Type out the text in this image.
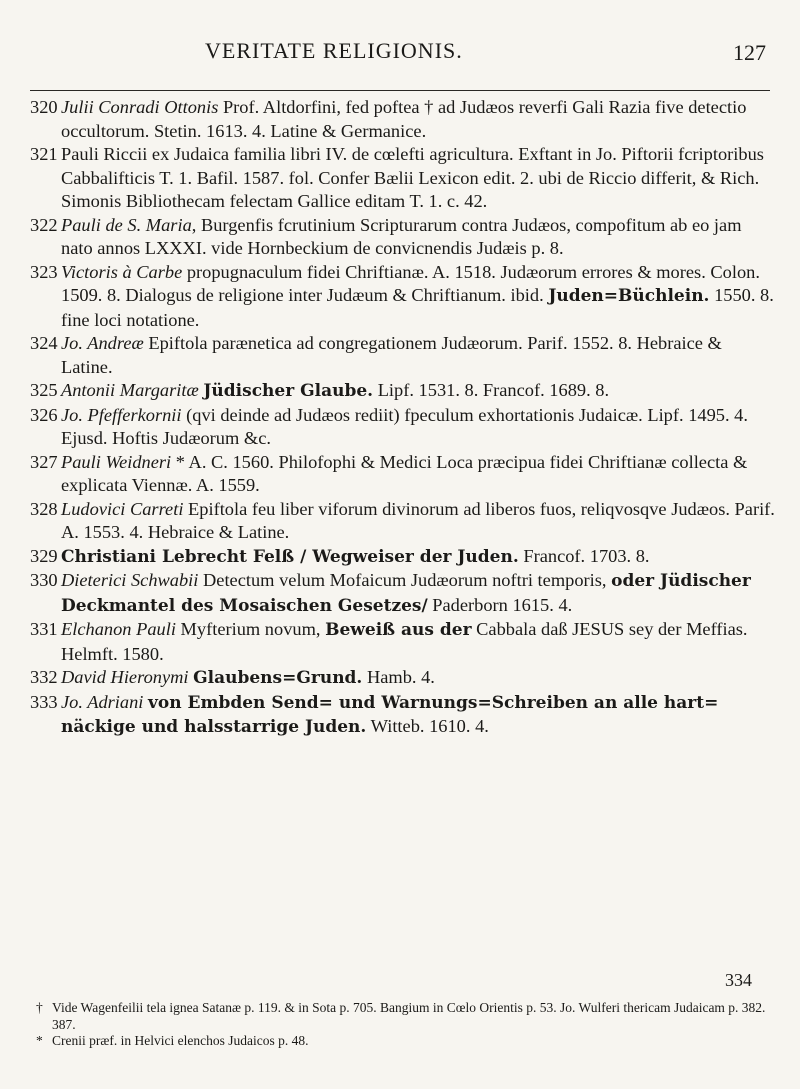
VERITATE RELIGIONIS.	127

320 Julii Conradi Ottonis Prof. Altdorfini, fed poftea † ad Judæos reverfi Gali Razia five detectio occultorum. Stetin. 1613. 4. Latine & Germanice.

321 Pauli Riccii ex Judaica familia libri IV. de cœlefti agricultura. Exftant in Jo. Piftorii fcriptoribus Cabbalifticis T. 1. Bafil. 1587. fol. Confer Bælii Lexicon edit. 2. ubi de Riccio differit, & Rich. Simonis Bibliothecam felectam Gallice editam T. 1. c. 42.

322 Pauli de S. Maria, Burgenfis fcrutinium Scripturarum contra Judæos, compofitum ab eo jam nato annos LXXXI. vide Hornbeckium de convicnendis Judæis p. 8.

323 Victoris à Carbe propugnaculum fidei Chriftianæ. A. 1518. Judæorum errores & mores. Colon. 1509. 8. Dialogus de religione inter Judæum & Chriftianum. ibid. Juden=Büchlein. 1550. 8. fine loci notatione.

324 Jo. Andreæ Epiftola parænetica ad congregationem Judæorum. Parif. 1552. 8. Hebraice & Latine.

325 Antonii Margaritæ Jüdischer Glaube. Lipf. 1531. 8. Francof. 1689. 8.

326 Jo. Pfefferkornii (qvi deinde ad Judæos rediit) fpeculum exhortationis Judaicæ. Lipf. 1495. 4. Ejusd. Hoftis Judæorum &c.

327 Pauli Weidneri * A. C. 1560. Philofophi & Medici Loca præcipua fidei Chriftianæ collecta & explicata Viennæ. A. 1559.

328 Ludovici Carreti Epiftola feu liber viforum divinorum ad liberos fuos, reliqvosqve Judæos. Parif. A. 1553. 4. Hebraice & Latine.

329 Christiani Lebrecht Felß / Wegweiser der Juden. Francof. 1703. 8.

330 Dieterici Schwabii Detectum velum Mofaicum Judæorum noftri temporis, oder Jüdischer Deckmantel des Mosaischen Gesetzes/ Paderborn 1615. 4.

331 Elchanon Pauli Myfterium novum, Beweiß aus der Cabbala daß JESUS sey der Meffias. Helmft. 1580.

332 David Hieronymi Glaubens=Grund. Hamb. 4.

333 Jo. Adriani von Embden Send= und Warnungs=Schreiben an alle hart= näckige und halsstarrige Juden. Witteb. 1610. 4.

334
† Vide Wagenfeilii tela ignea Satanæ p. 119. & in Sota p. 705. Bangium in Cœlo Orientis p. 53. Jo. Wulferi thericam Judaicam p. 382. 387.
* Crenii præf. in Helvici elenchos Judaicos p. 48.
